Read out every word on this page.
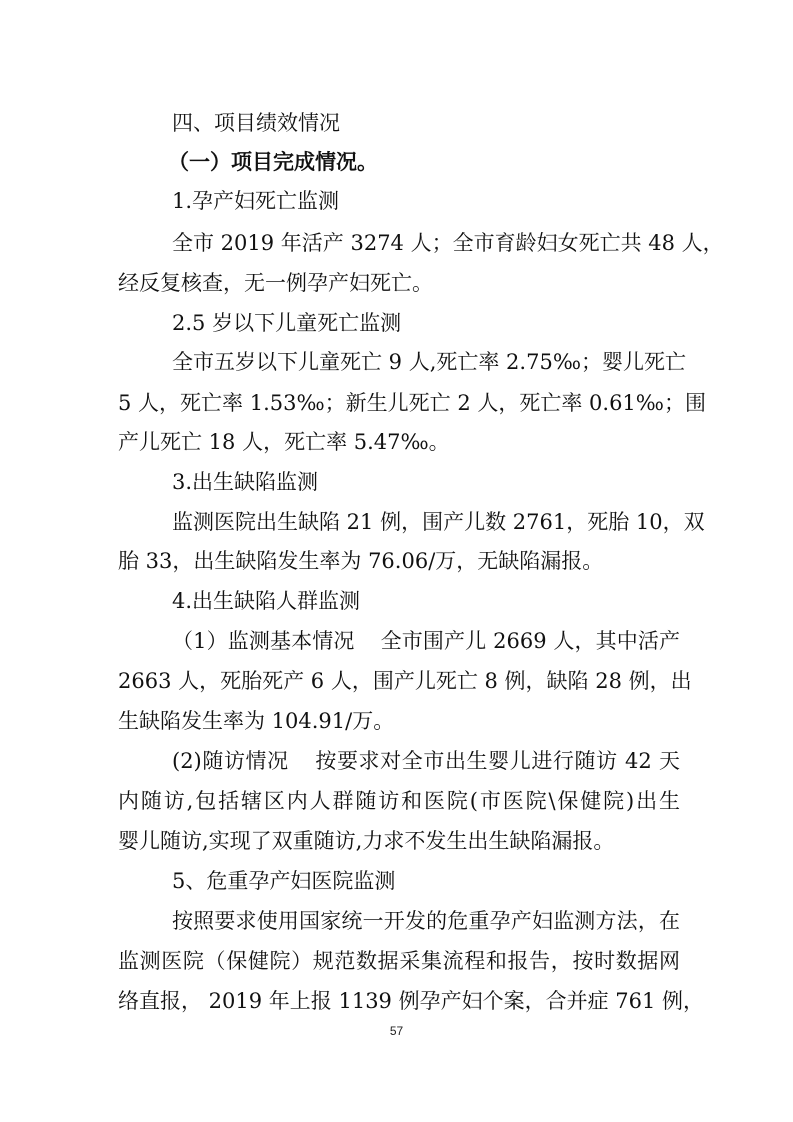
四、项目绩效情况
（一）项目完成情况。
1.孕产妇死亡监测
全市 2019 年活产 3274 人；全市育龄妇女死亡共 48 人，
经反复核查，无一例孕产妇死亡。
2.5 岁以下儿童死亡监测
全市五岁以下儿童死亡 9 人,死亡率 2.75‰；婴儿死亡
5 人，死亡率 1.53‰；新生儿死亡 2 人，死亡率 0.61‰；围
产儿死亡 18 人，死亡率 5.47‰。
3.出生缺陷监测
监测医院出生缺陷 21 例，围产儿数 2761，死胎 10，双
胎 33，出生缺陷发生率为 76.06/万，无缺陷漏报。
4.出生缺陷人群监测
（1）监测基本情况 全市围产儿 2669 人，其中活产
2663 人，死胎死产 6 人，围产儿死亡 8 例，缺陷 28 例，出
生缺陷发生率为 104.91/万。
(2)随访情况 按要求对全市出生婴儿进行随访 42 天
内随访,包括辖区内人群随访和医院(市医院\保健院)出生
婴儿随访,实现了双重随访,力求不发生出生缺陷漏报。
5、危重孕产妇医院监测
按照要求使用国家统一开发的危重孕产妇监测方法，在
监测医院（保健院）规范数据采集流程和报告，按时数据网
络直报， 2019 年上报 1139 例孕产妇个案，合并症 761 例，
57
